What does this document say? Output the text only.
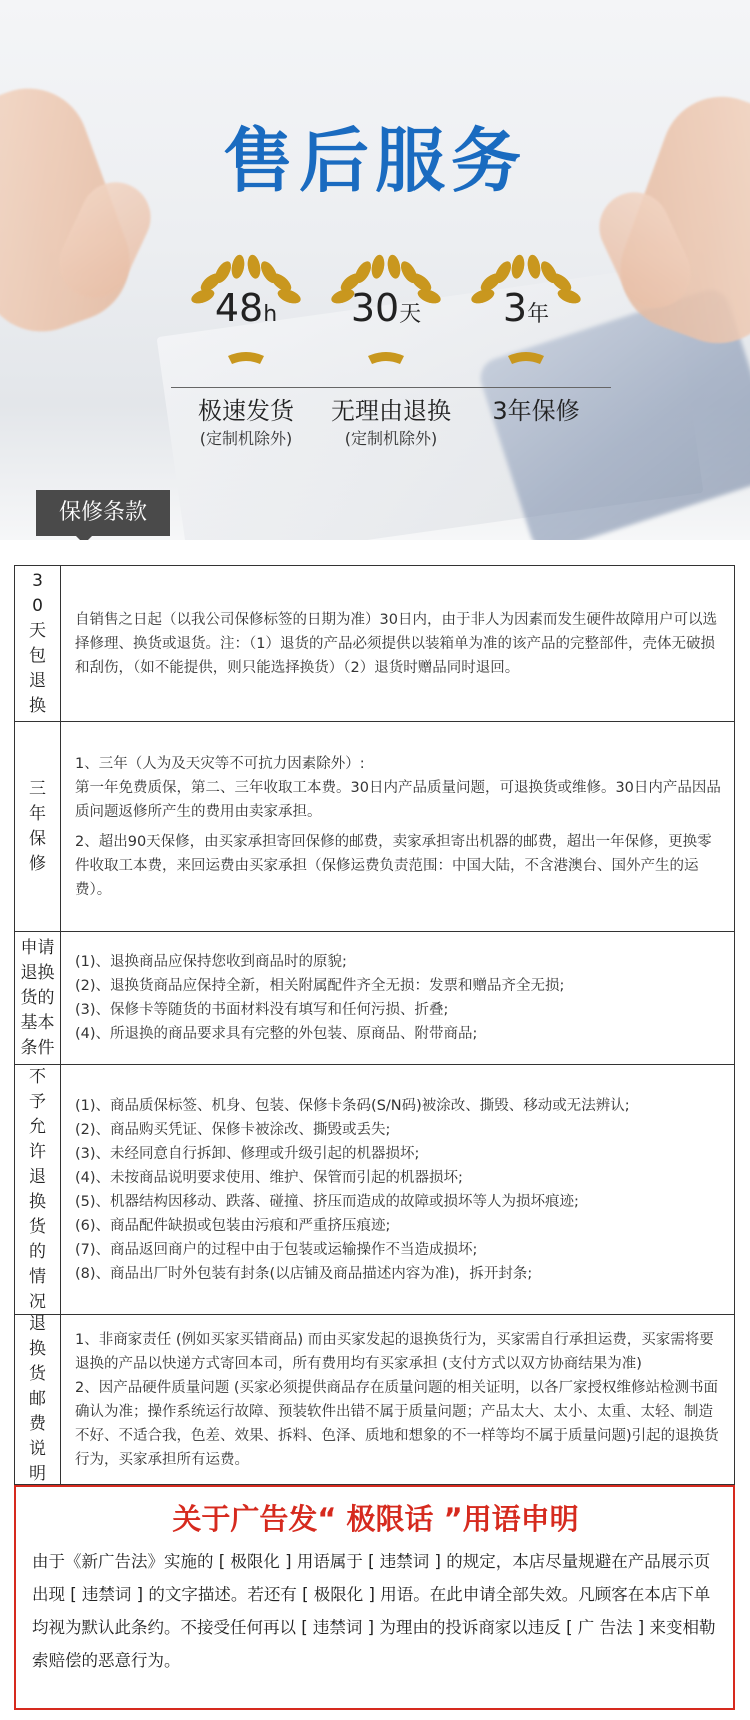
售后服务
48h	30天	3年
极速发货
(定制机除外)
无理由退换
(定制机除外)
3年保修
保修条款
30天包退换

自销售之日起（以我公司保修标签的日期为准）30日内，由于非人为因素而发生硬件故障用户可以选择修理、换货或退货。注：（1）退货的产品必须提供以装箱单为准的该产品的完整部件，壳体无破损和刮伤，（如不能提供，则只能选择换货）（2）退货时赠品同时退回。

三年保修

1、三年（人为及天灾等不可抗力因素除外）:

第一年免费质保，第二、三年收取工本费。30日内产品质量问题，可退换货或维修。30日内产品因品质问题返修所产生的费用由卖家承担。

2、超出90天保修，由买家承担寄回保修的邮费，卖家承担寄出机器的邮费，超出一年保修，更换零件收取工本费，来回运费由买家承担（保修运费负责范围：中国大陆，不含港澳台、国外产生的运费）。

申请退换货的基本条件

(1)、退换商品应保持您收到商品时的原貌;

(2)、退换货商品应保持全新，相关附属配件齐全无损：发票和赠品齐全无损;

(3)、保修卡等随货的书面材料没有填写和任何污损、折叠;

(4)、所退换的商品要求具有完整的外包装、原商品、附带商品;

不予允许退换货的情况

(1)、商品质保标签、机身、包装、保修卡条码(S/N码)被涂改、撕毁、移动或无法辨认;

(2)、商品购买凭证、保修卡被涂改、撕毁或丢失;

(3)、未经同意自行拆卸、修理或升级引起的机器损坏;

(4)、未按商品说明要求使用、维护、保管而引起的机器损坏;

(5)、机器结构因移动、跌落、碰撞、挤压而造成的故障或损坏等人为损坏痕迹;

(6)、商品配件缺损或包装由污痕和严重挤压痕迹;

(7)、商品返回商户的过程中由于包装或运输操作不当造成损坏;

(8)、商品出厂时外包装有封条(以店铺及商品描述内容为准)，拆开封条;

退换货邮费说明

1、非商家责任 (例如买家买错商品) 而由买家发起的退换货行为，买家需自行承担运费，买家需将要退换的产品以快递方式寄回本司，所有费用均有买家承担 (支付方式以双方协商结果为准)

2、因产品硬件质量问题 (买家必须提供商品存在质量问题的相关证明，以各厂家授权维修站检测书面确认为准；操作系统运行故障、预装软件出错不属于质量问题；产品太大、太小、太重、太轻、制造不好、不适合我，色差、效果、拆料、色泽、质地和想象的不一样等均不属于质量问题)引起的退换货行为，买家承担所有运费。

关于广告发“ 极限话 ”用语申明
由于《新广告法》实施的 [ 极限化 ] 用语属于 [ 违禁词 ] 的规定，本店尽量规避在产品展示页出现 [ 违禁词 ] 的文字描述。若还有 [ 极限化 ] 用语。在此申请全部失效。凡顾客在本店下单均视为默认此条约。不接受任何再以 [ 违禁词 ] 为理由的投诉商家以违反 [ 广 告法 ] 来变相勒索赔偿的恶意行为。
